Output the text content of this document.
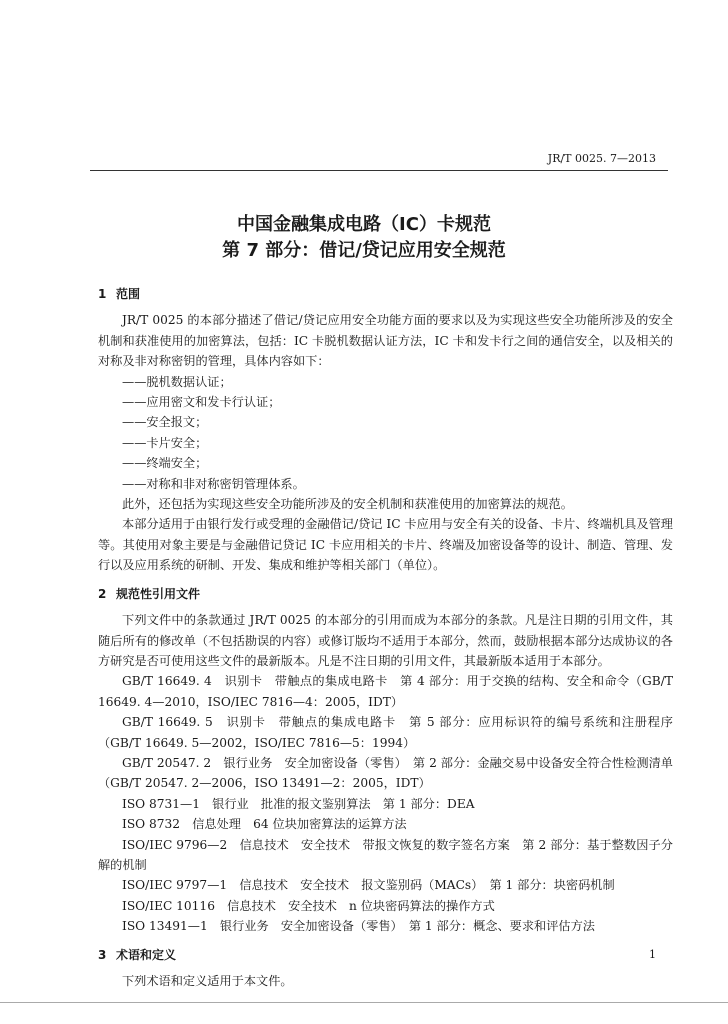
JR/T 0025. 7—2013
中国金融集成电路（IC）卡规范
第 7 部分：借记/贷记应用安全规范

1 范围

JR/T 0025 的本部分描述了借记/贷记应用安全功能方面的要求以及为实现这些安全功能所涉及的安全机制和获准使用的加密算法，包括：IC 卡脱机数据认证方法，IC 卡和发卡行之间的通信安全，以及相关的对称及非对称密钥的管理，具体内容如下：

——脱机数据认证；

——应用密文和发卡行认证；

——安全报文；

——卡片安全；

——终端安全；

——对称和非对称密钥管理体系。

此外，还包括为实现这些安全功能所涉及的安全机制和获准使用的加密算法的规范。

本部分适用于由银行发行或受理的金融借记/贷记 IC 卡应用与安全有关的设备、卡片、终端机具及管理等。其使用对象主要是与金融借记贷记 IC 卡应用相关的卡片、终端及加密设备等的设计、制造、管理、发行以及应用系统的研制、开发、集成和维护等相关部门（单位）。

2 规范性引用文件

下列文件中的条款通过 JR/T 0025 的本部分的引用而成为本部分的条款。凡是注日期的引用文件，其随后所有的修改单（不包括勘误的内容）或修订版均不适用于本部分，然而，鼓励根据本部分达成协议的各方研究是否可使用这些文件的最新版本。凡是不注日期的引用文件，其最新版本适用于本部分。

GB/T 16649. 4　识别卡　带触点的集成电路卡　第 4 部分：用于交换的结构、安全和命令（GB/T 16649. 4—2010，ISO/IEC 7816—4：2005，IDT）

GB/T 16649. 5　识别卡　带触点的集成电路卡　第 5 部分：应用标识符的编号系统和注册程序（GB/T 16649. 5—2002，ISO/IEC 7816—5：1994）

GB/T 20547. 2　银行业务　安全加密设备（零售）　第 2 部分：金融交易中设备安全符合性检测清单（GB/T 20547. 2—2006，ISO 13491—2：2005，IDT）

ISO 8731—1　银行业　批准的报文鉴别算法　第 1 部分：DEA

ISO 8732　信息处理　64 位块加密算法的运算方法

ISO/IEC 9796—2　信息技术　安全技术　带报文恢复的数字签名方案　第 2 部分：基于整数因子分解的机制

ISO/IEC 9797—1　信息技术　安全技术　报文鉴别码（MACs）　第 1 部分：块密码机制

ISO/IEC 10116　信息技术　安全技术　n 位块密码算法的操作方式

ISO 13491—1　银行业务　安全加密设备（零售）　第 1 部分：概念、要求和评估方法

3 术语和定义

下列术语和定义适用于本文件。

1
